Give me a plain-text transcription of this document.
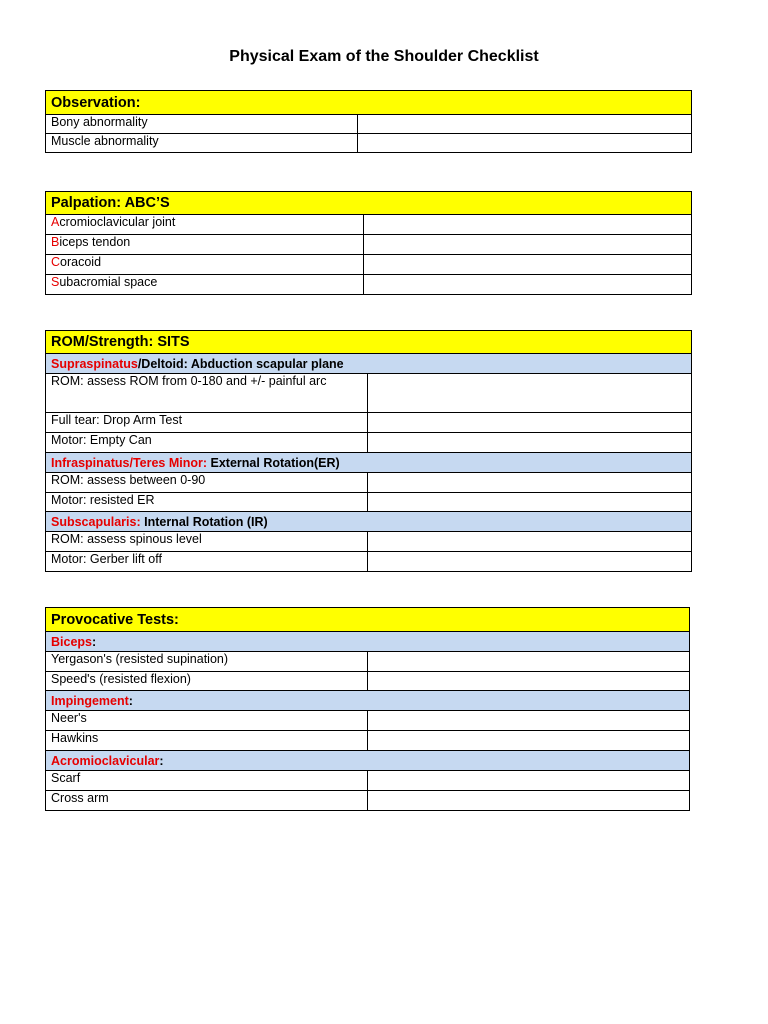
Physical Exam of the Shoulder Checklist
Observation:	
Bony abnormality	
Muscle abnormality	
Palpation: ABC’S	
Acromioclavicular joint	
Biceps tendon	
Coracoid	
Subacromial space	
ROM/Strength: SITS	
Supraspinatus/Deltoid: Abduction scapular plane	
ROM: assess ROM from 0-180 and +/- painful arc	
Full tear: Drop Arm Test	
Motor: Empty Can	
Infraspinatus/Teres Minor: External Rotation(ER)	
ROM: assess between 0-90	
Motor: resisted ER	
Subscapularis: Internal Rotation (IR)	
ROM: assess spinous level	
Motor: Gerber lift off	
Provocative Tests:	
Biceps:	
Yergason's (resisted supination)	
Speed's (resisted flexion)	
Impingement:	
Neer's	
Hawkins	
Acromioclavicular:	
Scarf	
Cross arm	
